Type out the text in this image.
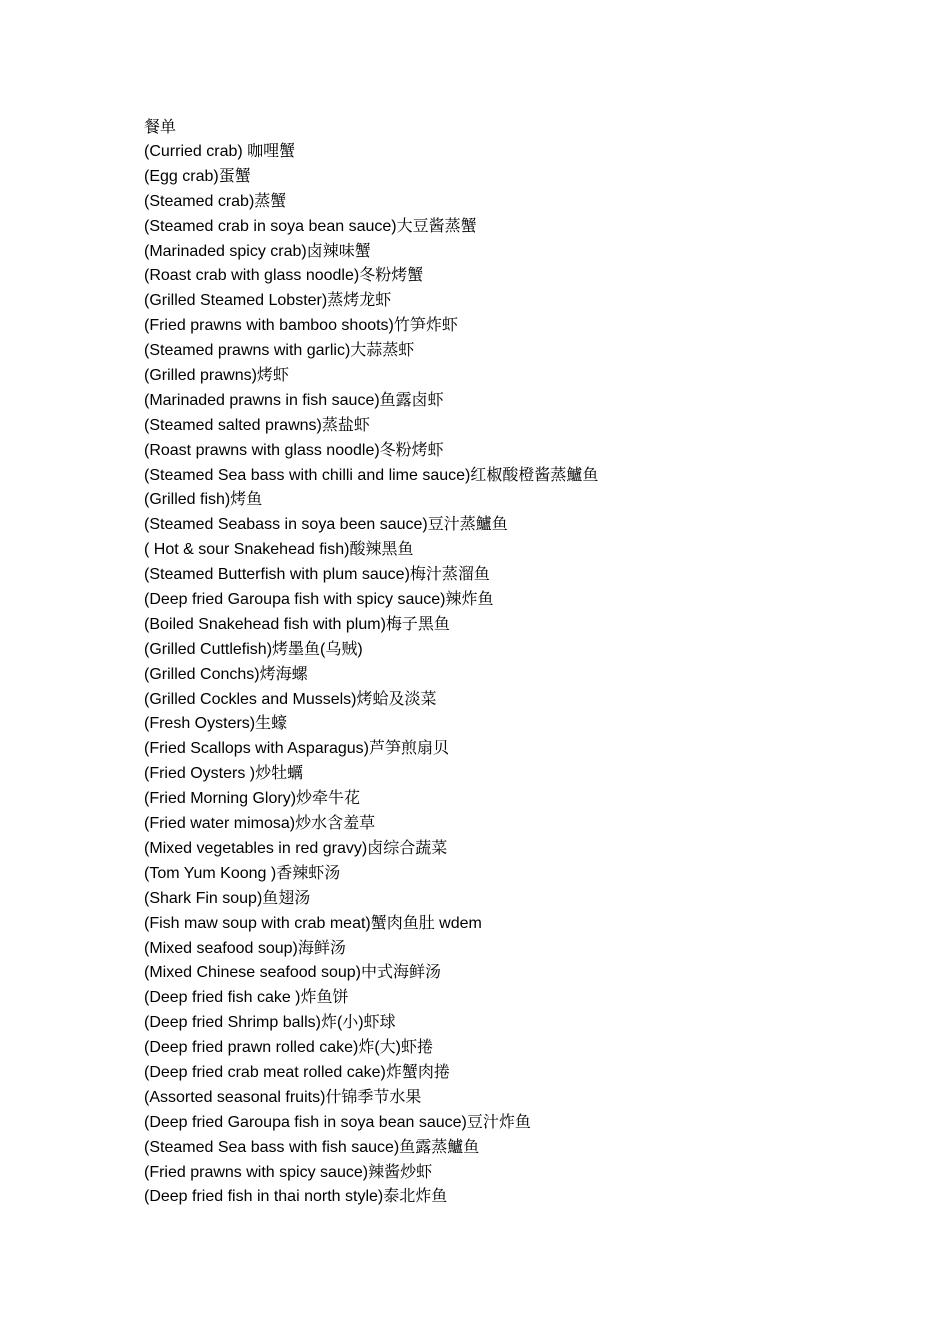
餐单
(Curried crab) 咖哩蟹
(Egg crab)蛋蟹
(Steamed crab)蒸蟹
(Steamed crab in soya bean sauce)大豆酱蒸蟹
(Marinaded spicy crab)卤辣味蟹
(Roast crab with glass noodle)冬粉烤蟹
(Grilled Steamed Lobster)蒸烤龙虾
(Fried prawns with bamboo shoots)竹笋炸虾
(Steamed prawns with garlic)大蒜蒸虾
(Grilled prawns)烤虾
(Marinaded prawns in fish sauce)鱼露卤虾
(Steamed salted prawns)蒸盐虾
(Roast prawns with glass noodle)冬粉烤虾
(Steamed Sea bass with chilli and lime sauce)红椒酸橙酱蒸鱸鱼
(Grilled fish)烤鱼
(Steamed Seabass in soya been sauce)豆汁蒸鱸鱼
( Hot & sour Snakehead fish)酸辣黑鱼
(Steamed Butterfish with plum sauce)梅汁蒸溜鱼
(Deep fried Garoupa fish with spicy sauce)辣炸鱼
(Boiled Snakehead fish with plum)梅子黑鱼
(Grilled Cuttlefish)烤墨鱼(乌贼)
(Grilled Conchs)烤海螺
(Grilled Cockles and Mussels)烤蛤及淡菜
(Fresh Oysters)生蠔
(Fried Scallops with Asparagus)芦笋煎扇贝
(Fried Oysters )炒牡蠣
(Fried Morning Glory)炒牵牛花
(Fried water mimosa)炒水含羞草
(Mixed vegetables in red gravy)卤综合蔬菜
(Tom Yum Koong )香辣虾汤
(Shark Fin soup)鱼翅汤
(Fish maw soup with crab meat)蟹肉鱼肚 wdem
(Mixed seafood soup)海鲜汤
(Mixed Chinese seafood soup)中式海鲜汤
(Deep fried fish cake )炸鱼饼
(Deep fried Shrimp balls)炸(小)虾球
(Deep fried prawn rolled cake)炸(大)虾捲
(Deep fried crab meat rolled cake)炸蟹肉捲
(Assorted seasonal fruits)什锦季节水果
(Deep fried Garoupa fish in soya bean sauce)豆汁炸鱼
(Steamed Sea bass with fish sauce)鱼露蒸鱸鱼
(Fried prawns with spicy sauce)辣酱炒虾
(Deep fried fish in thai north style)泰北炸鱼
